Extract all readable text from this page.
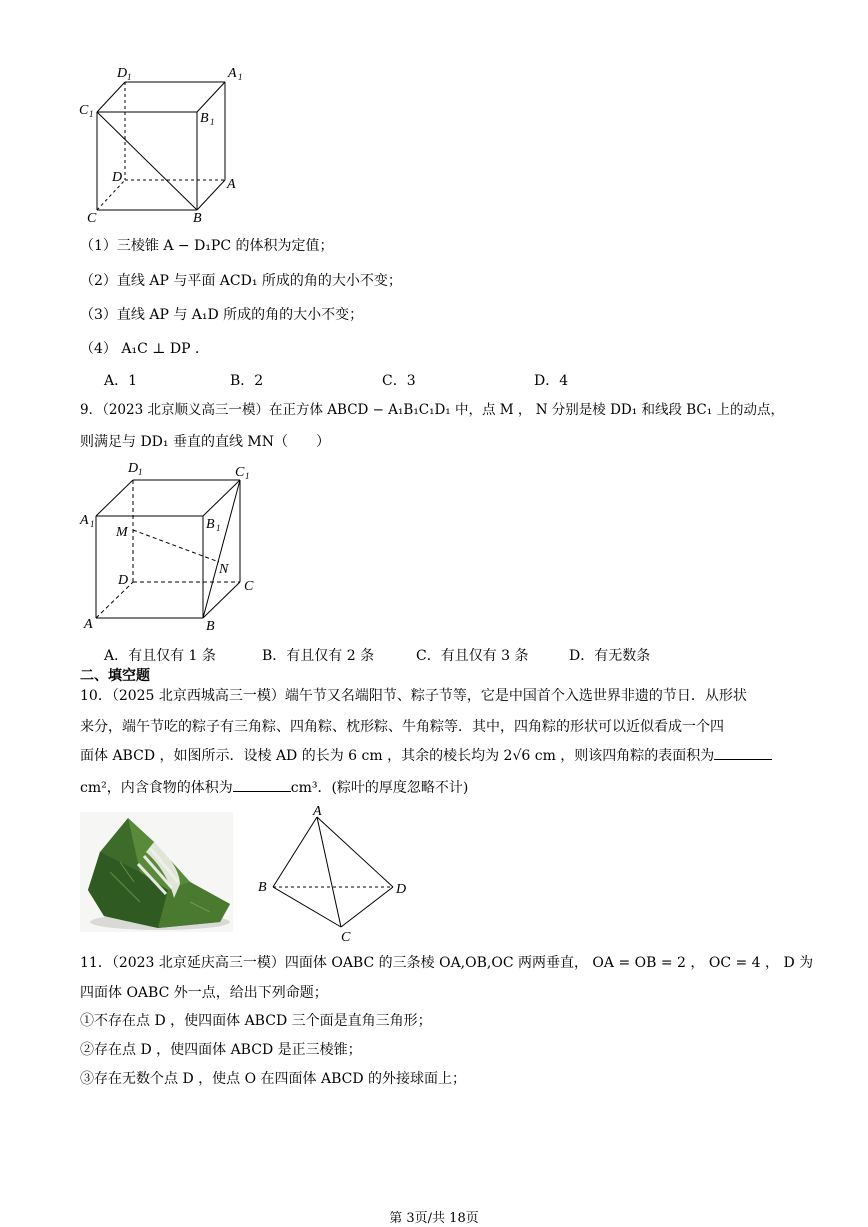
D 1	A 1
C 1	B 1
D	A
C	B
（1）三棱锥 A − D₁PC 的体积为定值；
（2）直线 AP 与平面 ACD₁ 所成的角的大小不变；
（3）直线 AP 与 A₁D 所成的角的大小不变；
（4） A₁C ⊥ DP ．
A．1	B．2	C．3	D．4
9．（2023 北京顺义高三一模）在正方体 ABCD − A₁B₁C₁D₁ 中，点 M ， N 分别是棱 DD₁ 和线段 BC₁ 上的动点，
则满足与 DD₁ 垂直的直线 MN（　　）
D 1	C 1
A 1	B 1
M
N
D	C
A	B
A．有且仅有 1 条	B．有且仅有 2 条	C．有且仅有 3 条	D．有无数条
二、填空题
10．（2025 北京西城高三一模）端午节又名端阳节、粽子节等，它是中国首个入选世界非遗的节日．从形状
来分，端午节吃的粽子有三角粽、四角粽、枕形粽、牛角粽等．其中，四角粽的形状可以近似看成一个四
面体 ABCD ，如图所示．设棱 AD 的长为 6 cm ，其余的棱长均为 2√6 cm ，则该四角粽的表面积为
cm²，内含食物的体积为	cm³．(粽叶的厚度忽略不计)
A
B	D
C
11．（2023 北京延庆高三一模）四面体 OABC 的三条棱 OA,OB,OC 两两垂直， OA = OB = 2 ， OC = 4 ， D 为
四面体 OABC 外一点，给出下列命题；
①不存在点 D ，使四面体 ABCD 三个面是直角三角形；
②存在点 D ，使四面体 ABCD 是正三棱锥；
③存在无数个点 D ，使点 O 在四面体 ABCD 的外接球面上；
第 3页/共 18页
